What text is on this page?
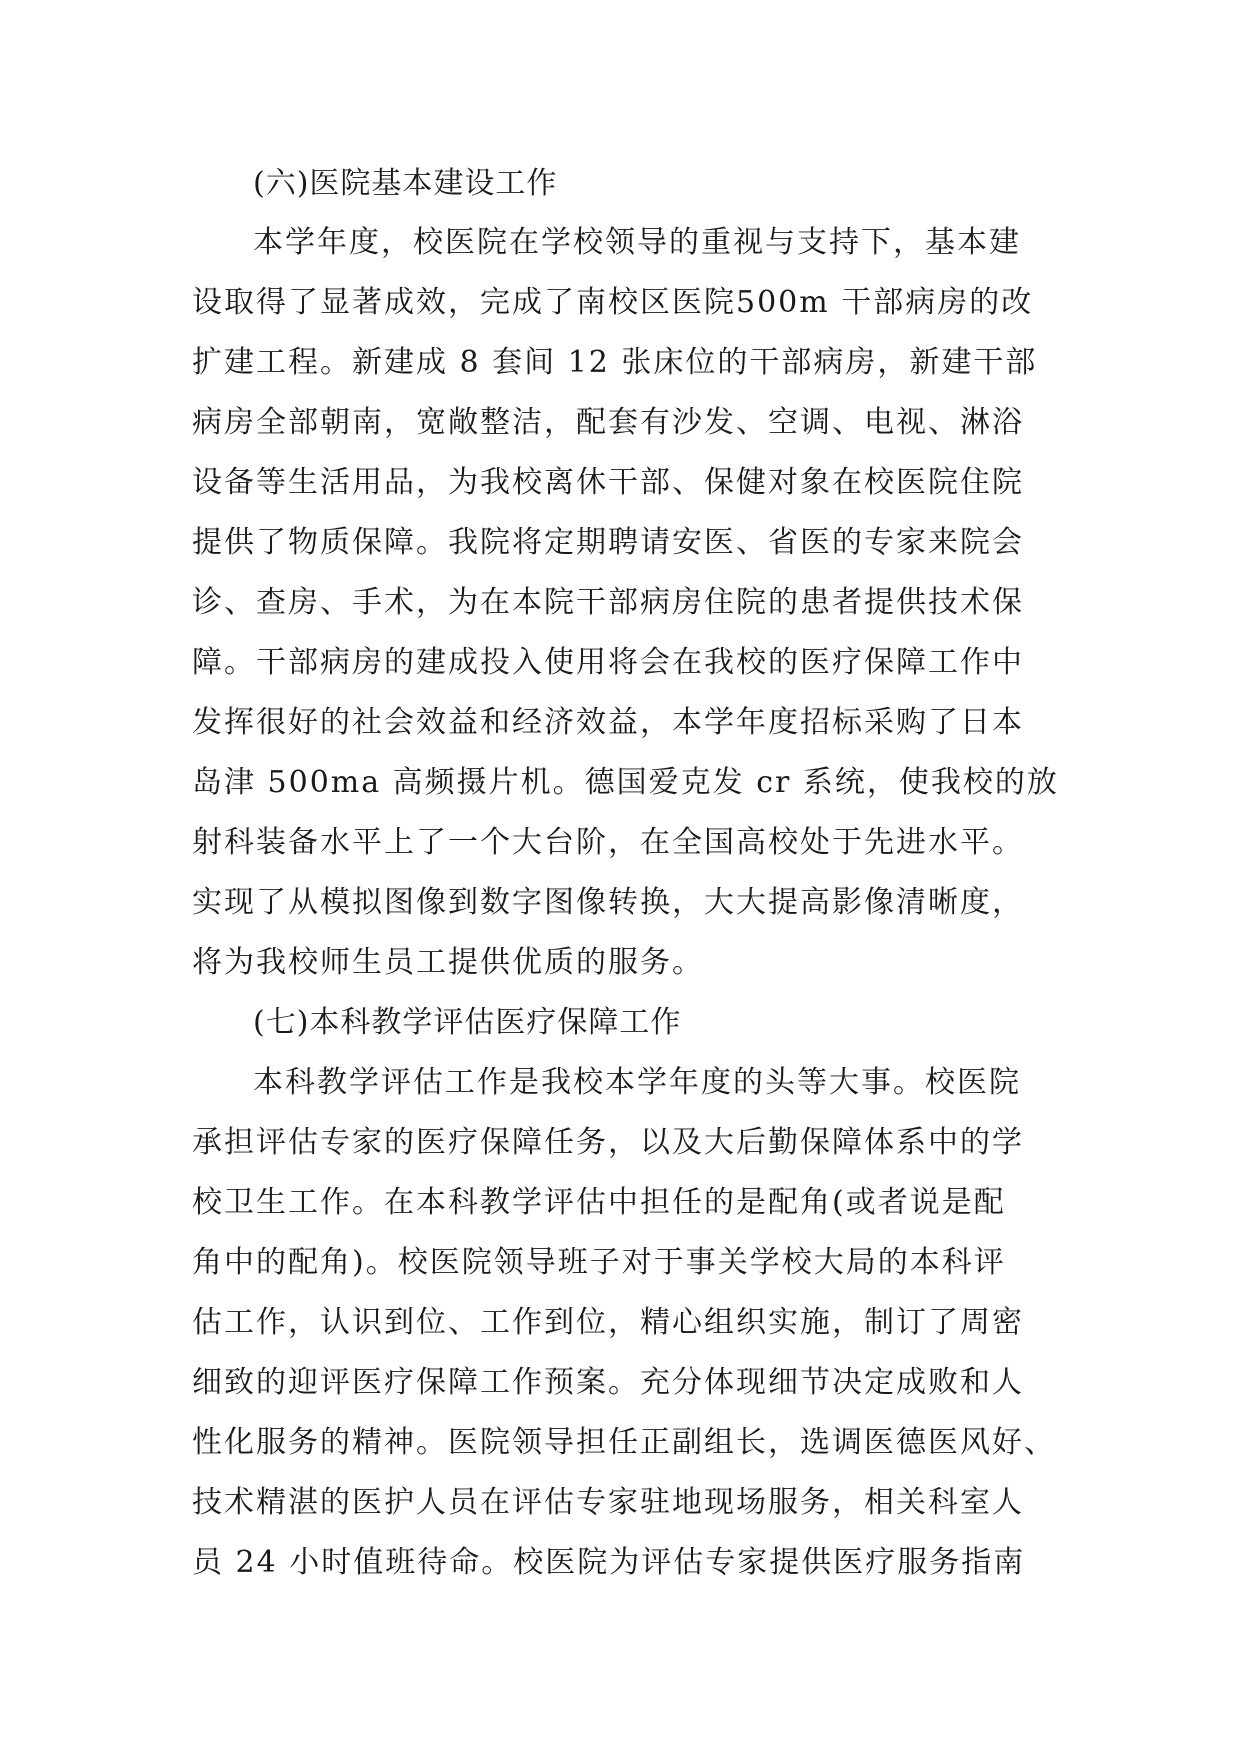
(六)医院基本建设工作
本学年度，校医院在学校领导的重视与支持下，基本建
设取得了显著成效，完成了南校区医院500m 干部病房的改
扩建工程。新建成 8 套间 12 张床位的干部病房，新建干部
病房全部朝南，宽敞整洁，配套有沙发、空调、电视、淋浴
设备等生活用品，为我校离休干部、保健对象在校医院住院
提供了物质保障。我院将定期聘请安医、省医的专家来院会
诊、查房、手术，为在本院干部病房住院的患者提供技术保
障。干部病房的建成投入使用将会在我校的医疗保障工作中
发挥很好的社会效益和经济效益，本学年度招标采购了日本
岛津 500ma 高频摄片机。德国爱克发 cr 系统，使我校的放
射科装备水平上了一个大台阶，在全国高校处于先进水平。
实现了从模拟图像到数字图像转换，大大提高影像清晰度，
将为我校师生员工提供优质的服务。
(七)本科教学评估医疗保障工作
本科教学评估工作是我校本学年度的头等大事。校医院
承担评估专家的医疗保障任务，以及大后勤保障体系中的学
校卫生工作。在本科教学评估中担任的是配角(或者说是配
角中的配角)。校医院领导班子对于事关学校大局的本科评
估工作，认识到位、工作到位，精心组织实施，制订了周密
细致的迎评医疗保障工作预案。充分体现细节决定成败和人
性化服务的精神。医院领导担任正副组长，选调医德医风好、
技术精湛的医护人员在评估专家驻地现场服务，相关科室人
员 24 小时值班待命。校医院为评估专家提供医疗服务指南
